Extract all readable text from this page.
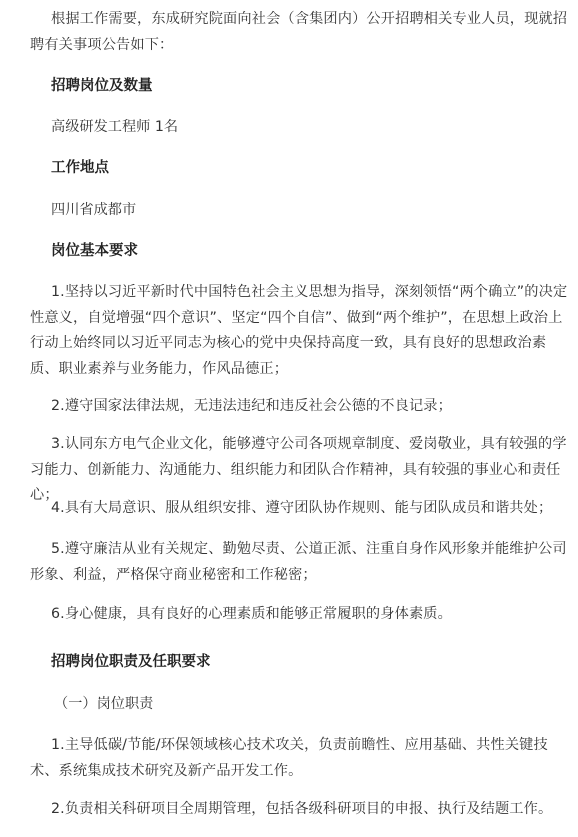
根据工作需要，东成研究院面向社会（含集团内）公开招聘相关专业人员，现就招聘有关事项公告如下：

招聘岗位及数量

高级研发工程师 1名

工作地点

四川省成都市

岗位基本要求

1.坚持以习近平新时代中国特色社会主义思想为指导，深刻领悟“两个确立”的决定性意义，自觉增强“四个意识”、坚定“四个自信”、做到“两个维护”，在思想上政治上行动上始终同以习近平同志为核心的党中央保持高度一致，具有良好的思想政治素质、职业素养与业务能力，作风品德正；

2.遵守国家法律法规，无违法违纪和违反社会公德的不良记录；

3.认同东方电气企业文化，能够遵守公司各项规章制度、爱岗敬业，具有较强的学习能力、创新能力、沟通能力、组织能力和团队合作精神，具有较强的事业心和责任心；

4.具有大局意识、服从组织安排、遵守团队协作规则、能与团队成员和谐共处；

5.遵守廉洁从业有关规定、勤勉尽责、公道正派、注重自身作风形象并能维护公司形象、利益，严格保守商业秘密和工作秘密；

6.身心健康，具有良好的心理素质和能够正常履职的身体素质。

招聘岗位职责及任职要求

（一）岗位职责

1.主导低碳/节能/环保领域核心技术攻关，负责前瞻性、应用基础、共性关键技术、系统集成技术研究及新产品开发工作。

2.负责相关科研项目全周期管理，包括各级科研项目的申报、执行及结题工作。
